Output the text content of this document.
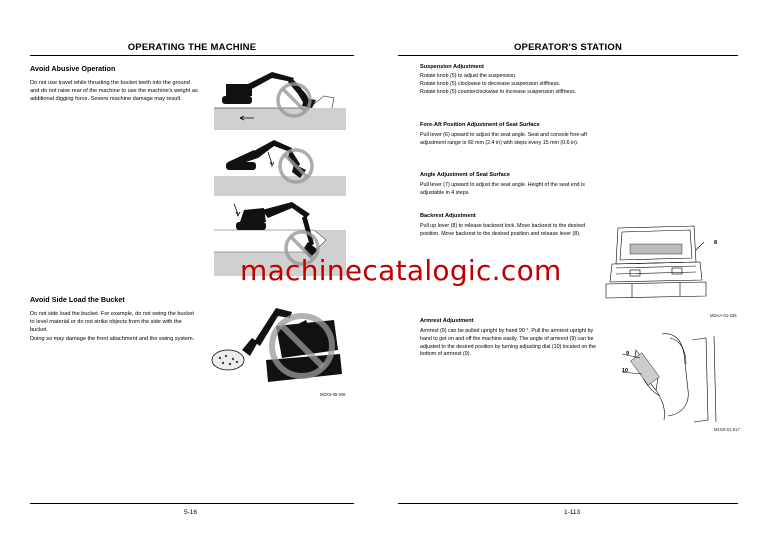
OPERATING THE MACHINE
Avoid Abusive Operation
Do not use travel while thrusting the bucket teeth into the ground and do not raise rear of the machine to use the machine's weight as additional digging force. Severe machine damage may result.
Avoid Side Load the Bucket
Do not side load the bucket. For example, do not swing the bucket to level material or do not strike objects from the side with the bucket.
Doing so may damage the front attachment and the swing system.
MZX3-05-006
5-16
OPERATOR'S STATION
Suspension Adjustment
Rotate knob (5) to adjust the suspension.
Rotate knob (5) clockwise to decrease suspension stiffness.
Rotate knob (5) counterclockwise to increase suspension stiffness.
Fore-Aft Position Adjustment of Seat Surface
Pull lever (6) upward to adjust the seat angle. Seat and console fore-aft adjustment range is 60 mm (2.4 in) with steps every 15 mm (0.6 in).
Angle Adjustment of Seat Surface
Pull lever (7) upward to adjust the seat angle. Height of the seat end is adjustable in 4 steps.
Backrest Adjustment
Pull up lever (8) to release backrest lock. Move backrest to the desired position. Move backrest to the desired position and release lever (8).
8
MDAA-01-335
Armrest Adjustment
Armrest (9) can be pulled upright by hand 90 °. Pull the armrest upright by hand to get on and off the machine easily. The angle of armrest (9) can be adjusted to the desired position by turning adjusting dial (10) located on the bottom of armrest (9).	9
10
M1G6-01-017
1-113
machinecatalogic.com
